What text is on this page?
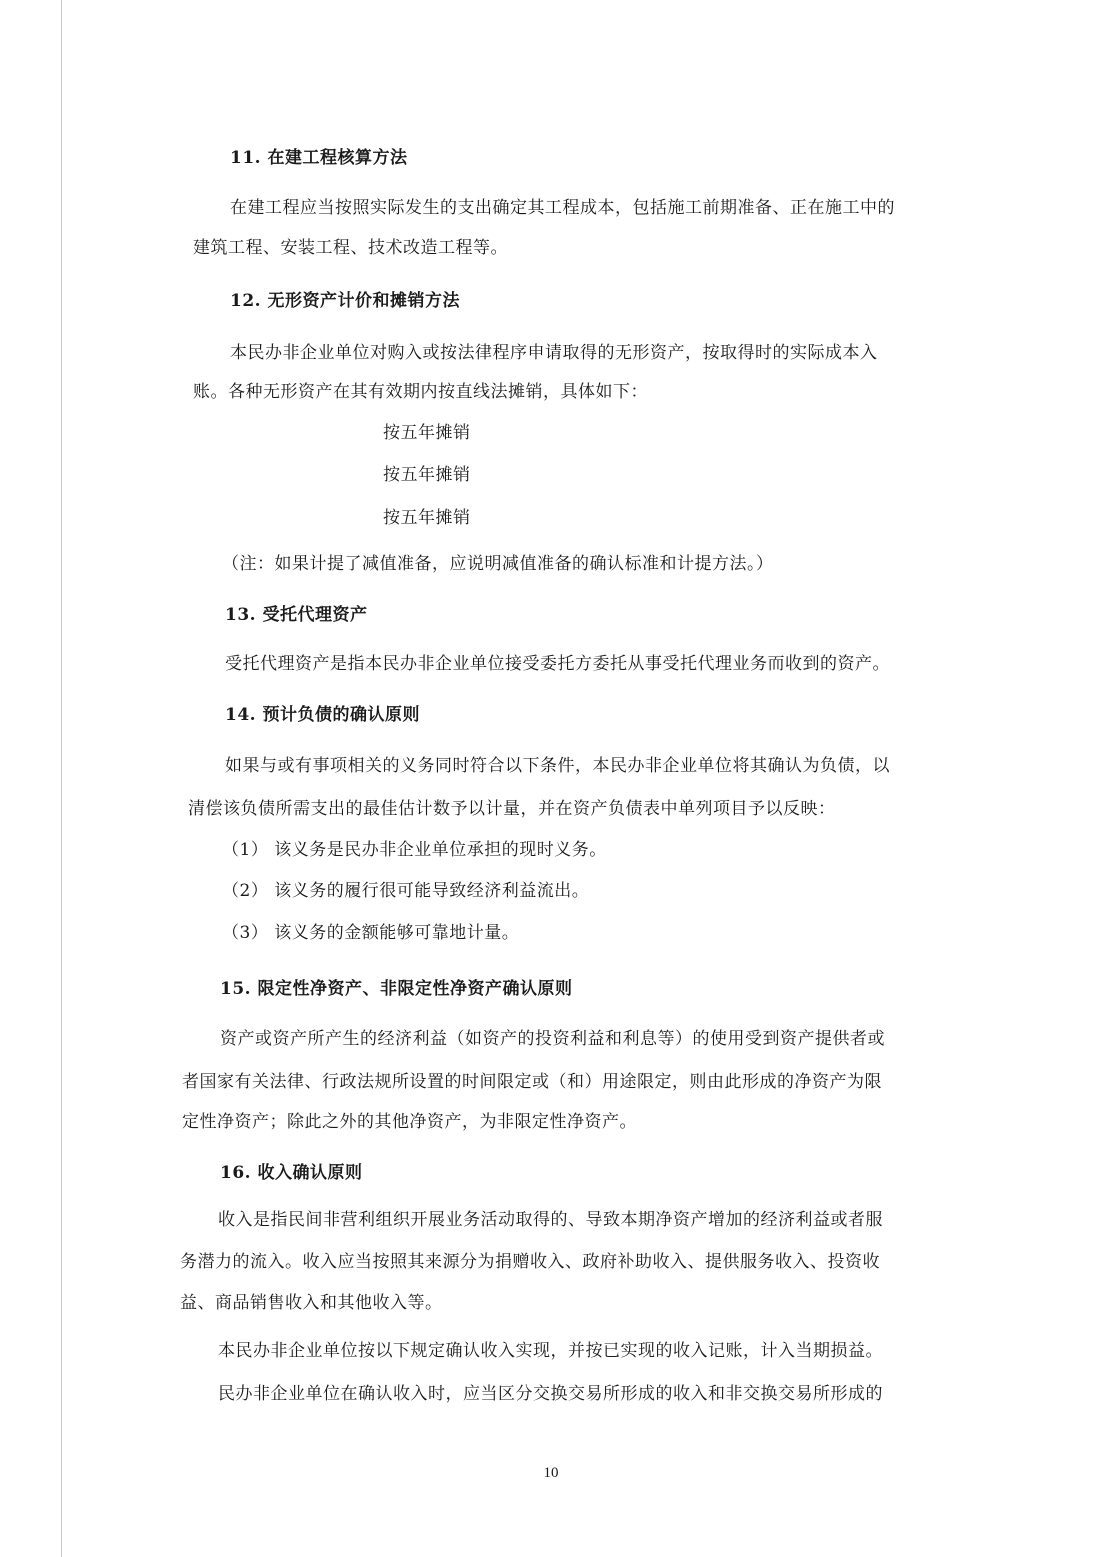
11. 在建工程核算方法
在建工程应当按照实际发生的支出确定其工程成本，包括施工前期准备、正在施工中的
建筑工程、安装工程、技术改造工程等。
12. 无形资产计价和摊销方法
本民办非企业单位对购入或按法律程序申请取得的无形资产，按取得时的实际成本入
账。各种无形资产在其有效期内按直线法摊销，具体如下：
按五年摊销
按五年摊销
按五年摊销
（注：如果计提了减值准备，应说明减值准备的确认标准和计提方法。）
13. 受托代理资产
受托代理资产是指本民办非企业单位接受委托方委托从事受托代理业务而收到的资产。
14. 预计负债的确认原则
如果与或有事项相关的义务同时符合以下条件，本民办非企业单位将其确认为负债，以
清偿该负债所需支出的最佳估计数予以计量，并在资产负债表中单列项目予以反映：
（1） 该义务是民办非企业单位承担的现时义务。
（2） 该义务的履行很可能导致经济利益流出。
（3） 该义务的金额能够可靠地计量。
15. 限定性净资产、非限定性净资产确认原则
资产或资产所产生的经济利益（如资产的投资利益和利息等）的使用受到资产提供者或
者国家有关法律、行政法规所设置的时间限定或（和）用途限定，则由此形成的净资产为限
定性净资产；除此之外的其他净资产，为非限定性净资产。
16. 收入确认原则
收入是指民间非营利组织开展业务活动取得的、导致本期净资产增加的经济利益或者服
务潜力的流入。收入应当按照其来源分为捐赠收入、政府补助收入、提供服务收入、投资收
益、商品销售收入和其他收入等。
本民办非企业单位按以下规定确认收入实现，并按已实现的收入记账，计入当期损益。
民办非企业单位在确认收入时，应当区分交换交易所形成的收入和非交换交易所形成的
10
